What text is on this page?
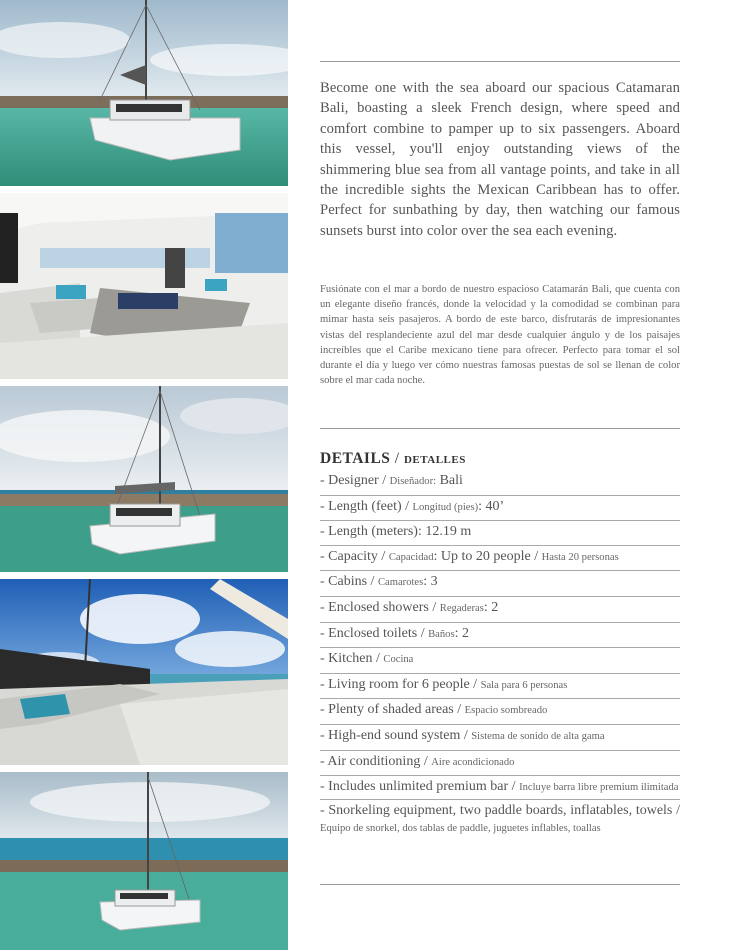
Become one with the sea aboard our spacious Catamaran Bali, boasting a sleek French design, where speed and comfort combine to pamper up to six passengers. Aboard this vessel, you'll enjoy outstanding views of the shimmering blue sea from all vantage points, and take in all the incredible sights the Mexican Caribbean has to offer. Perfect for sunbathing by day, then watching our famous sunsets burst into color over the sea each evening.

Fusiónate con el mar a bordo de nuestro espacioso Catamarán Bali, que cuenta con un elegante diseño francés, donde la velocidad y la comodidad se combinan para mimar hasta seis pasajeros. A bordo de este barco, disfrutarás de impresionantes vistas del resplandeciente azul del mar desde cualquier ángulo y de los paisajes increíbles que el Caribe mexicano tiene para ofrecer. Perfecto para tomar el sol durante el día y luego ver cómo nuestras famosas puestas de sol se llenan de color sobre el mar cada noche.

DETAILS / DETALLES
- Designer / Diseñador: Bali
- Length (feet) / Longitud (pies): 40’
- Length (meters): 12.19 m
- Capacity / Capacidad: Up to 20 people / Hasta 20 personas
- Cabins / Camarotes: 3
- Enclosed showers / Regaderas: 2
- Enclosed toilets / Baños: 2
- Kitchen / Cocina
- Living room for 6 people / Sala para 6 personas
- Plenty of shaded areas / Espacio sombreado
- High-end sound system / Sistema de sonido de alta gama
- Air conditioning / Aire acondicionado
- Includes unlimited premium bar / Incluye barra libre premium ilimitada
- Snorkeling equipment, two paddle boards, inflatables, towels / Equipo de snorkel, dos tablas de paddle, juguetes inflables, toallas
